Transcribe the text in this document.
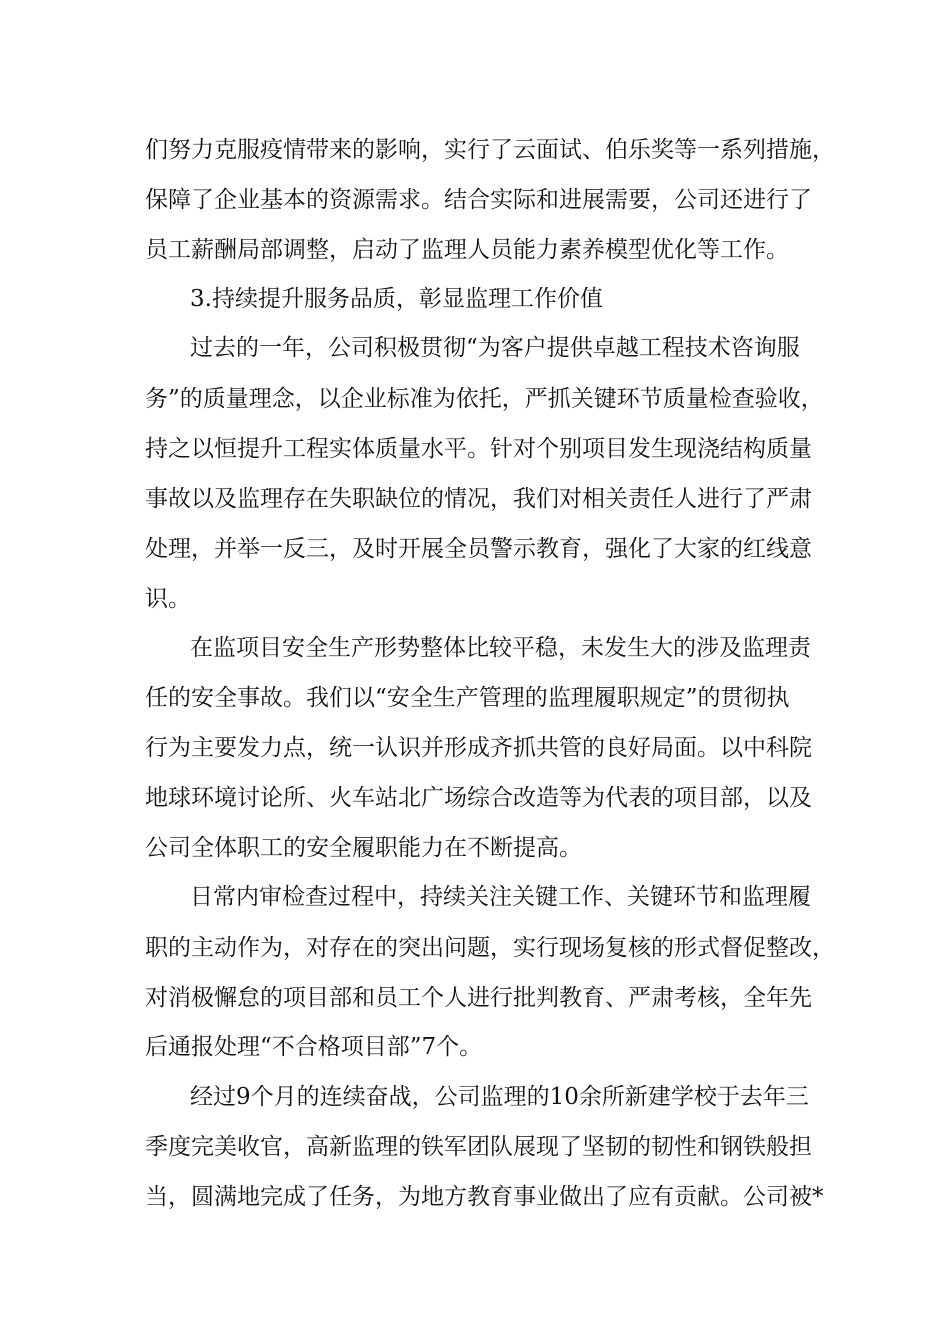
们努力克服疫情带来的影响，实行了云面试、伯乐奖等一系列措施，
保障了企业基本的资源需求。结合实际和进展需要，公司还进行了
员工薪酬局部调整，启动了监理人员能力素养模型优化等工作。
3.持续提升服务品质，彰显监理工作价值
过去的一年，公司积极贯彻“为客户提供卓越工程技术咨询服
务”的质量理念，以企业标准为依托，严抓关键环节质量检查验收，
持之以恒提升工程实体质量水平。针对个别项目发生现浇结构质量
事故以及监理存在失职缺位的情况，我们对相关责任人进行了严肃
处理，并举一反三，及时开展全员警示教育，强化了大家的红线意
识。
在监项目安全生产形势整体比较平稳，未发生大的涉及监理责
任的安全事故。我们以“安全生产管理的监理履职规定”的贯彻执
行为主要发力点，统一认识并形成齐抓共管的良好局面。以中科院
地球环境讨论所、火车站北广场综合改造等为代表的项目部，以及
公司全体职工的安全履职能力在不断提高。
日常内审检查过程中，持续关注关键工作、关键环节和监理履
职的主动作为，对存在的突出问题，实行现场复核的形式督促整改，
对消极懈怠的项目部和员工个人进行批判教育、严肃考核，全年先
后通报处理“不合格项目部”7个。
经过9个月的连续奋战，公司监理的10余所新建学校于去年三
季度完美收官，高新监理的铁军团队展现了坚韧的韧性和钢铁般担
当，圆满地完成了任务，为地方教育事业做出了应有贡献。公司被*
